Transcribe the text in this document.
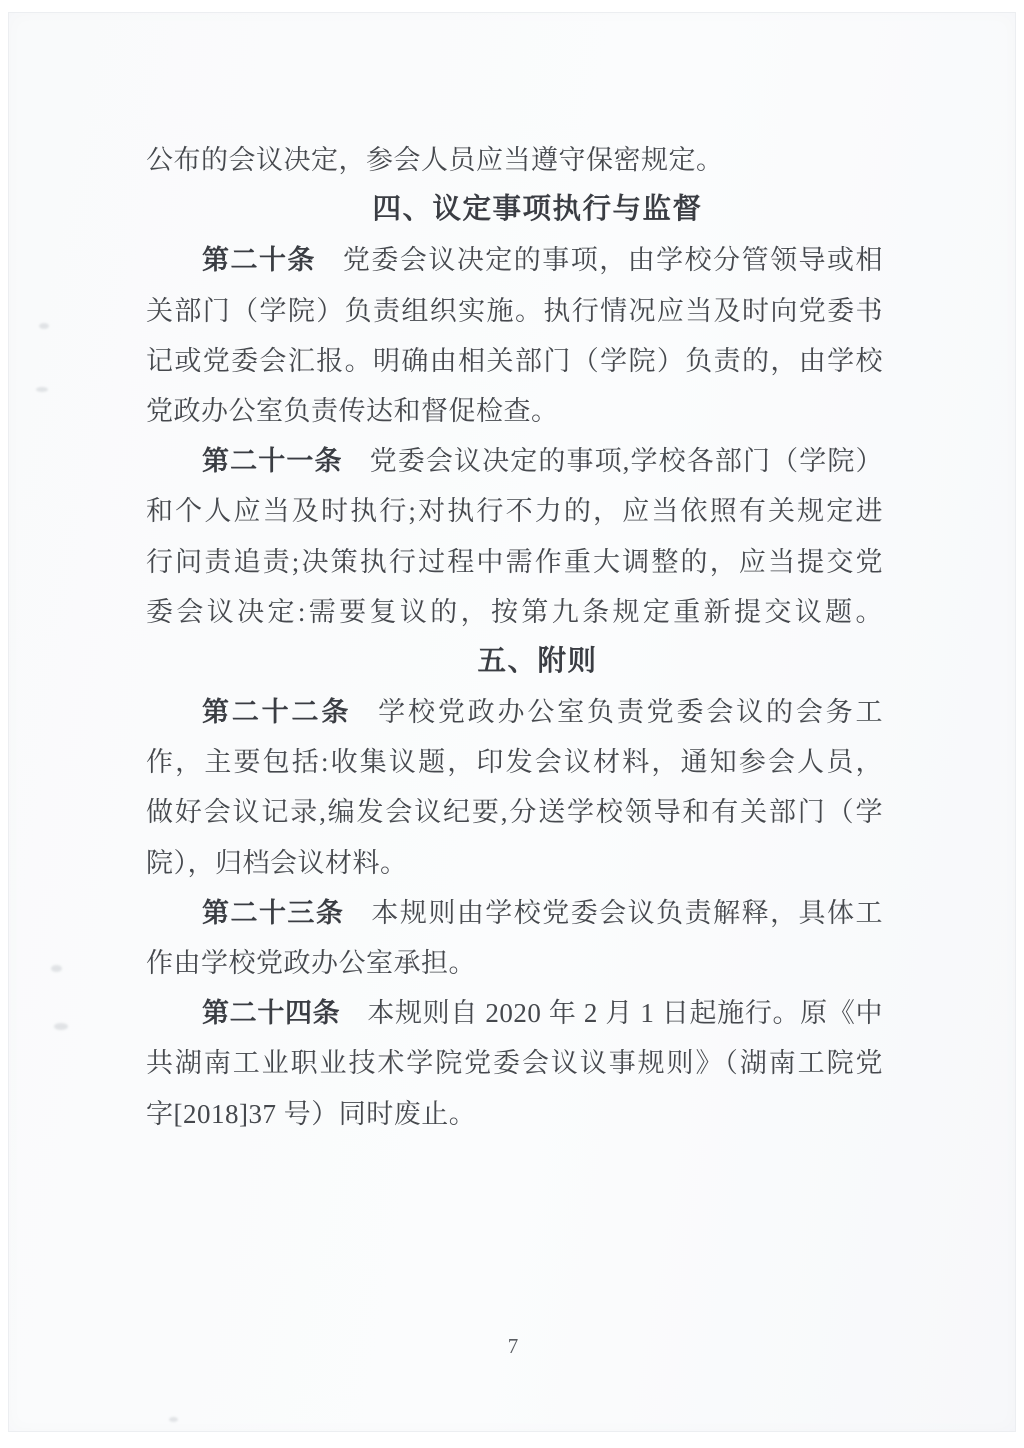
公布的会议决定，参会人员应当遵守保密规定。
四、议定事项执行与监督
第二十条 党委会议决定的事项，由学校分管领导或相
关部门（学院）负责组织实施。执行情况应当及时向党委书
记或党委会汇报。明确由相关部门（学院）负责的，由学校
党政办公室负责传达和督促检查。
第二十一条 党委会议决定的事项,学校各部门（学院）
和个人应当及时执行;对执行不力的，应当依照有关规定进
行问责追责;决策执行过程中需作重大调整的，应当提交党
委会议决定:需要复议的，按第九条规定重新提交议题。
五、附则
第二十二条 学校党政办公室负责党委会议的会务工
作，主要包括:收集议题，印发会议材料，通知参会人员，
做好会议记录,编发会议纪要,分送学校领导和有关部门（学
院），归档会议材料。
第二十三条 本规则由学校党委会议负责解释，具体工
作由学校党政办公室承担。
第二十四条 本规则自 2020 年 2 月 1 日起施行。原《中
共湖南工业职业技术学院党委会议议事规则》（湖南工院党
字[2018]37 号）同时废止。
7
